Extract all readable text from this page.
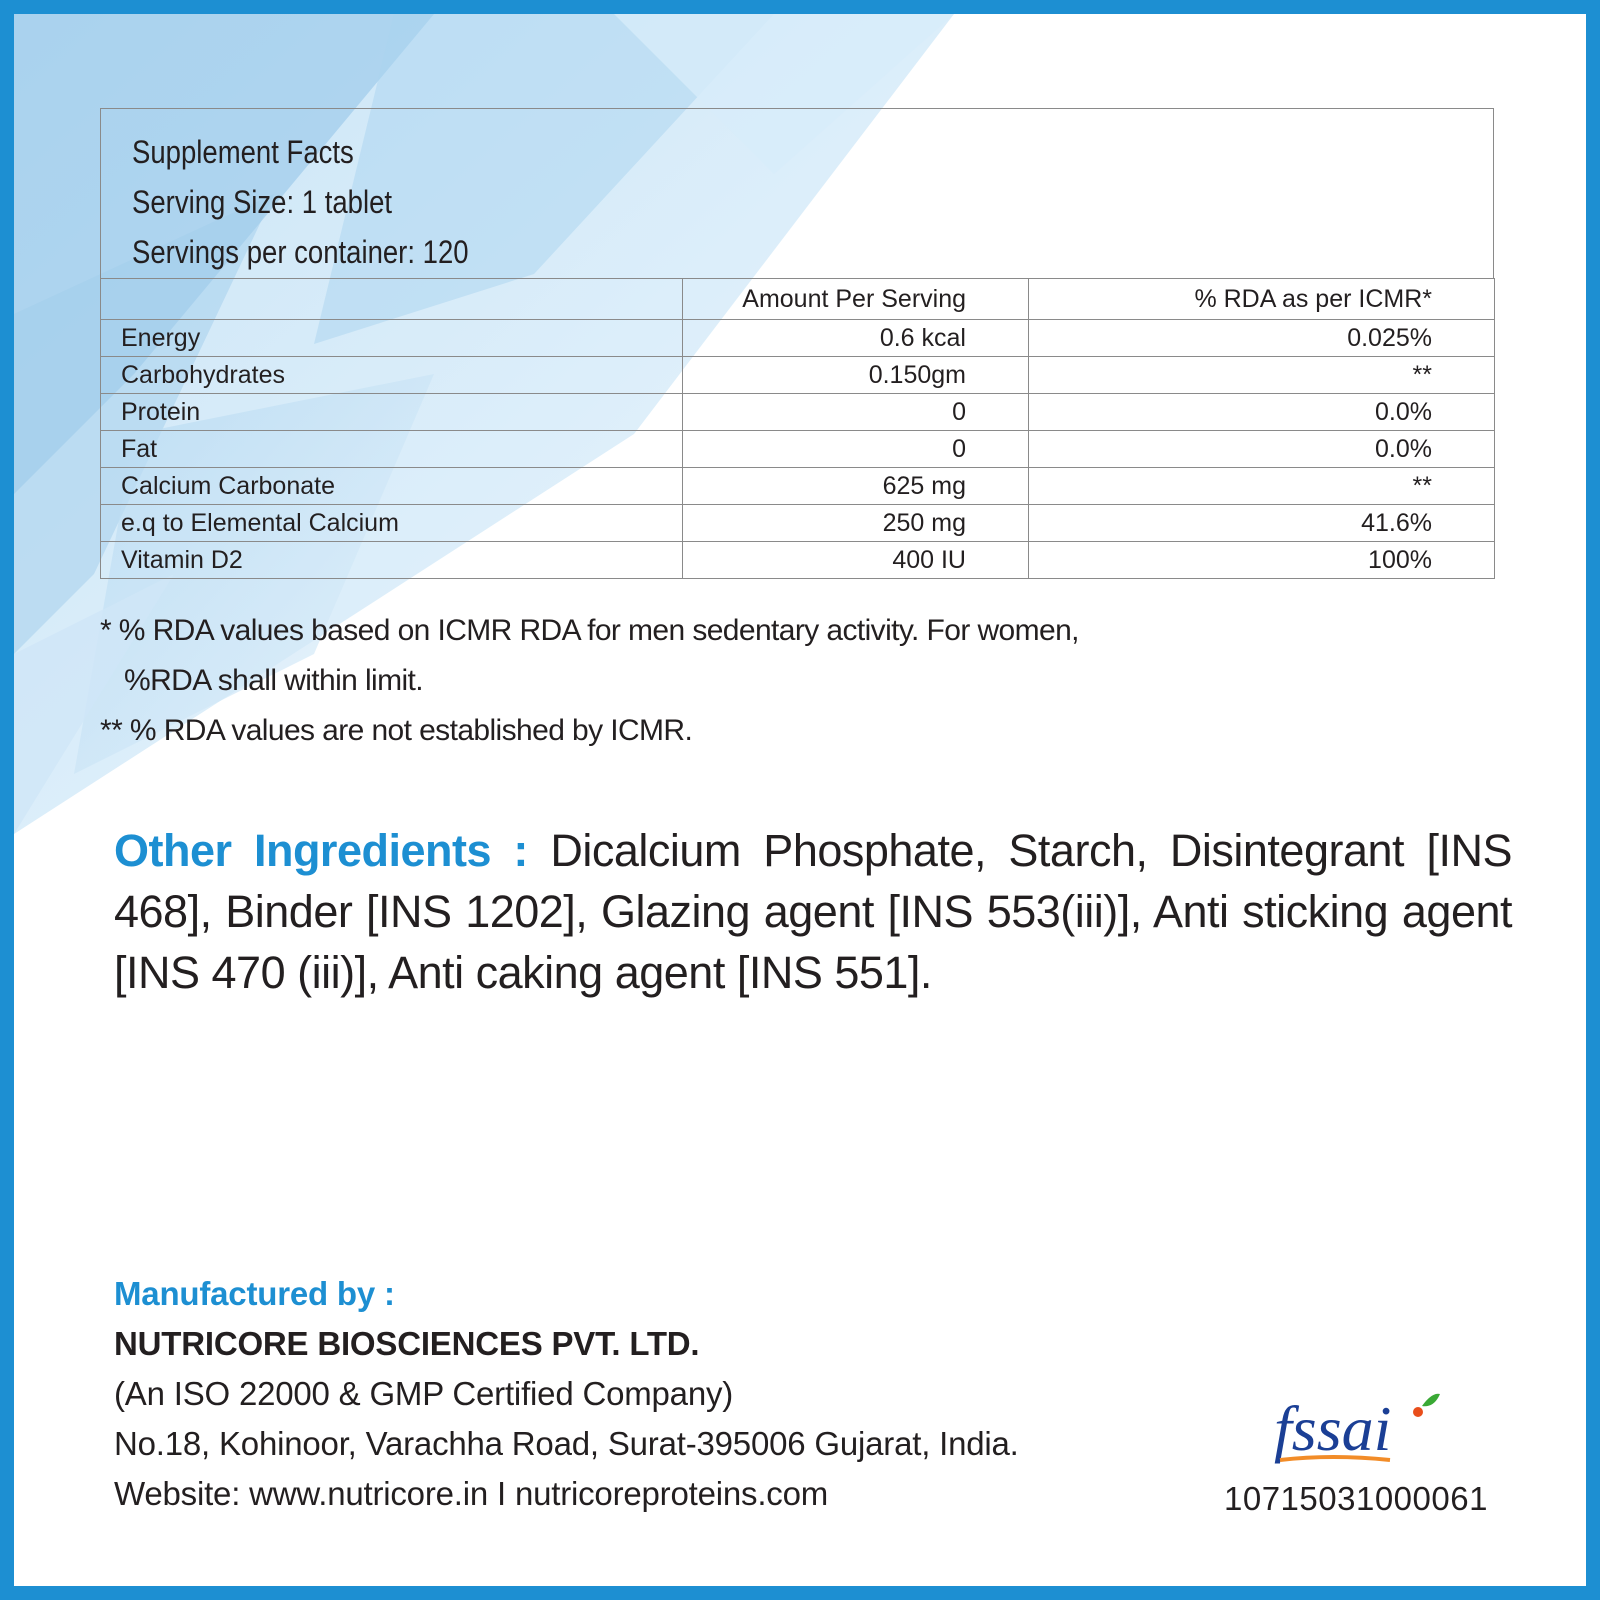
Supplement Facts
Serving Size: 1 tablet
Servings per container: 120
	Amount Per Serving	% RDA as per ICMR*
Energy	0.6 kcal	0.025%
Carbohydrates	0.150gm	**
Protein	0	0.0%
Fat	0	0.0%
Calcium Carbonate	625 mg	**
e.q to Elemental Calcium	250 mg	41.6%
Vitamin D2	400 IU	100%
* % RDA values based on ICMR RDA for men sedentary activity. For women,
%RDA shall within limit.
** % RDA values are not established by ICMR.
Other Ingredients : Dicalcium Phosphate, Starch, Disintegrant [INS 468], Binder [INS 1202], Glazing agent [INS 553(iii)], Anti sticking agent [INS 470 (iii)], Anti caking agent [INS 551].
Manufactured by :
NUTRICORE BIOSCIENCES PVT. LTD.
(An ISO 22000 & GMP Certified Company)
No.18, Kohinoor, Varachha Road, Surat-395006 Gujarat, India.
Website: www.nutricore.in I nutricoreproteins.com
fssai
10715031000061
